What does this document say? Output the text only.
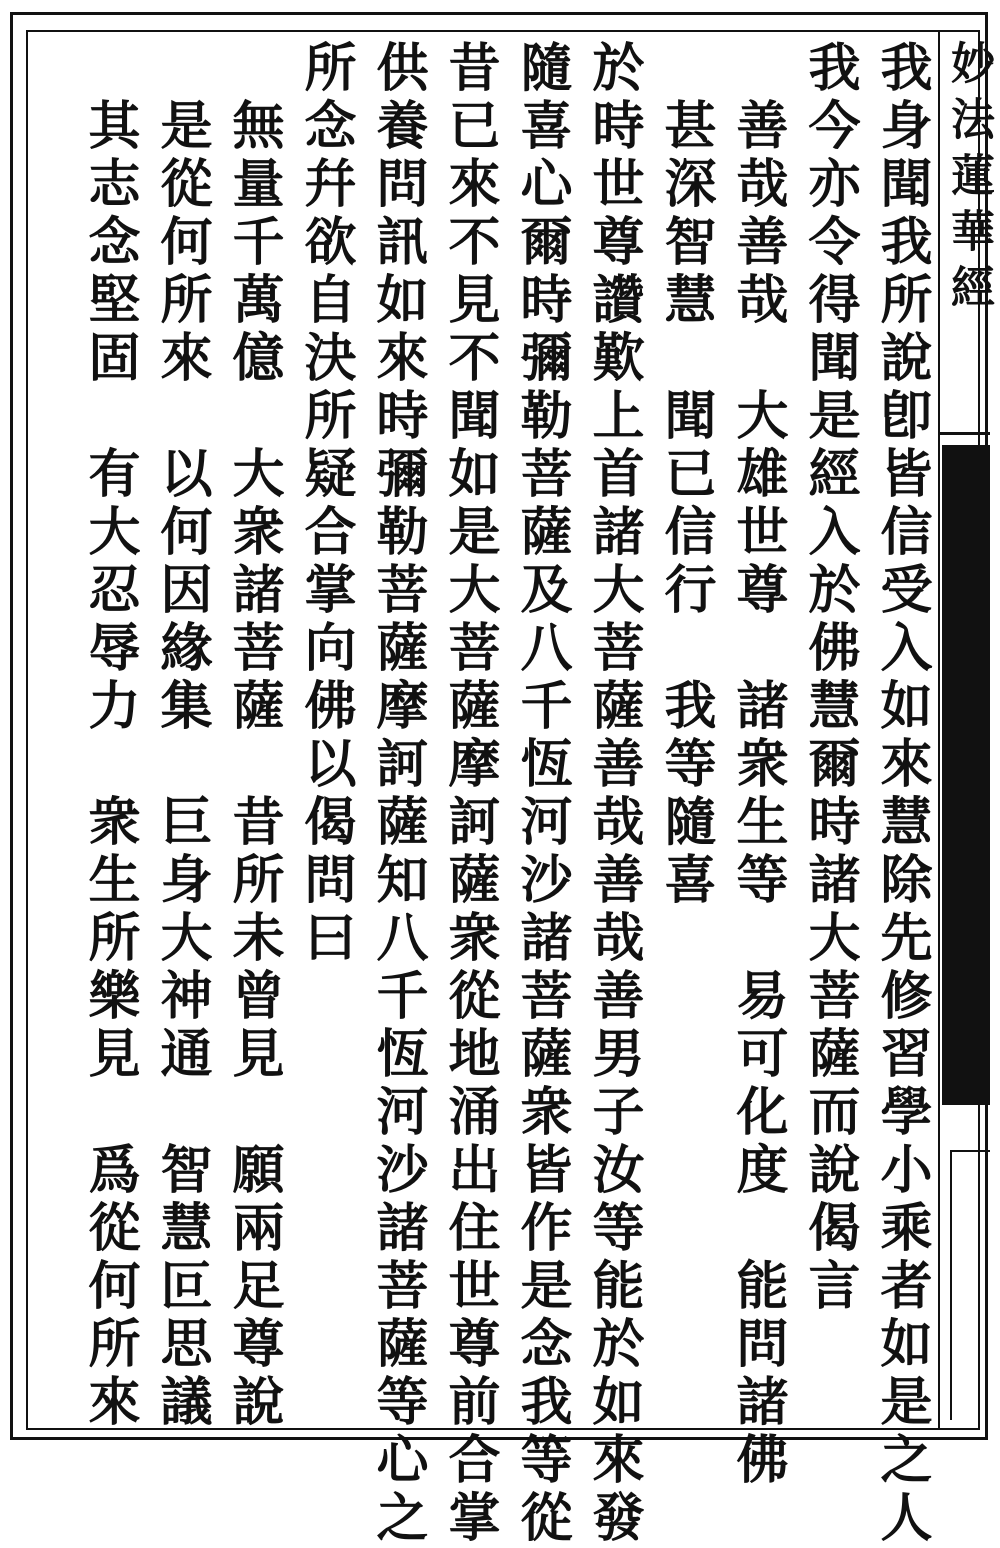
妙法蓮華經
我身聞我所說卽皆信受入如來慧除先修習學小乘者如是之人
我今亦令得聞是經入於佛慧爾時諸大菩薩而說偈言
　善哉善哉　大雄世尊　諸衆生等　易可化度　能問諸佛
　甚深智慧　聞已信行　我等隨喜
於時世尊讚歎上首諸大菩薩善哉善哉善男子汝等能於如來發
隨喜心爾時彌勒菩薩及八千恆河沙諸菩薩衆皆作是念我等從
昔已來不見不聞如是大菩薩摩訶薩衆從地涌出住世尊前合掌
供養問訊如來時彌勒菩薩摩訶薩知八千恆河沙諸菩薩等心之
所念幷欲自決所疑合掌向佛以偈問曰
　無量千萬億　大衆諸菩薩　昔所未曾見　願兩足尊說
　是從何所來　以何因緣集　巨身大神通　智慧叵思議
　其志念堅固　有大忍辱力　衆生所樂見　爲從何所來
